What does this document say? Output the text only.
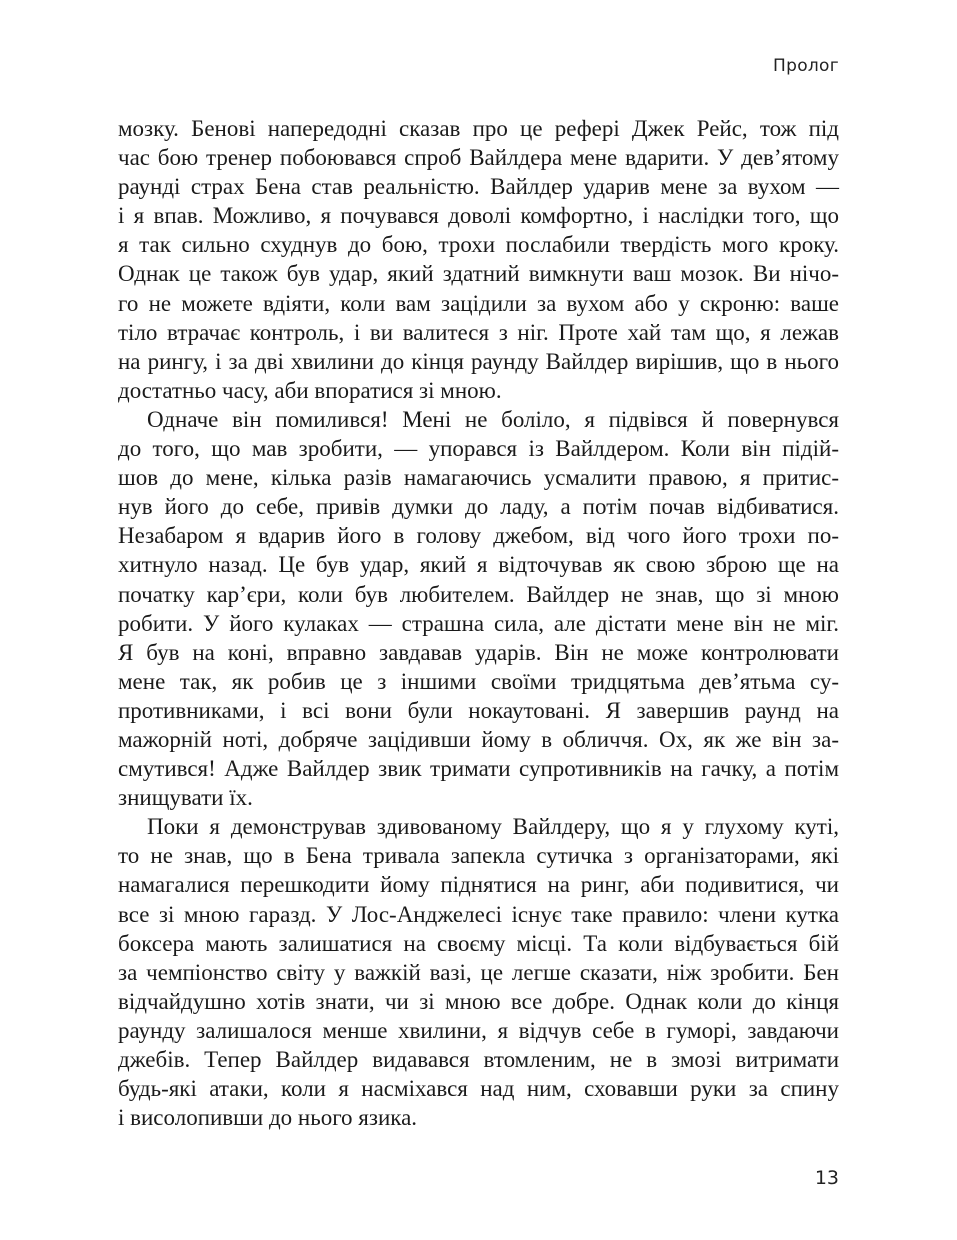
Пролог
мозку. Бенові напередодні сказав про це рефері Джек Рейс, тож під
час бою тренер побоювався спроб Вайлдера мене вдарити. У дев’ятому
раунді страх Бена став реальністю. Вайлдер ударив мене за вухом —
і я впав. Можливо, я почувався доволі комфортно, і наслідки того, що
я так сильно схуднув до бою, трохи послабили твердість мого кроку.
Однак це також був удар, який здатний вимкнути ваш мозок. Ви нічо-
го не можете вдіяти, коли вам зацідили за вухом або у скроню: ваше
тіло втрачає контроль, і ви валитеся з ніг. Проте хай там що, я лежав
на рингу, і за дві хвилини до кінця раунду Вайлдер вирішив, що в нього
достатньо часу, аби впоратися зі мною.
Одначе він помилився! Мені не боліло, я підвівся й повернувся
до того, що мав зробити, — упорався із Вайлдером. Коли він підій-
шов до мене, кілька разів намагаючись усмалити правою, я притис-
нув його до себе, привів думки до ладу, а потім почав відбиватися.
Незабаром я вдарив його в голову джебом, від чого його трохи по-
хитнуло назад. Це був удар, який я відточував як свою зброю ще на
початку кар’єри, коли був любителем. Вайлдер не знав, що зі мною
робити. У його кулаках — страшна сила, але дістати мене він не міг.
Я був на коні, вправно завдавав ударів. Він не може контролювати
мене так, як робив це з іншими своїми тридцятьма дев’ятьма су-
противниками, і всі вони були нокаутовані. Я завершив раунд на
мажорній ноті, добряче зацідивши йому в обличчя. Ох, як же він за-
смутився! Адже Вайлдер звик тримати супротивників на гачку, а потім
знищувати їх.
Поки я демонстрував здивованому Вайлдеру, що я у глухому куті,
то не знав, що в Бена тривала запекла сутичка з організаторами, які
намагалися перешкодити йому піднятися на ринг, аби подивитися, чи
все зі мною гаразд. У Лос-Анджелесі існує таке правило: члени кутка
боксера мають залишатися на своєму місці. Та коли відбувається бій
за чемпіонство світу у важкій вазі, це легше сказати, ніж зробити. Бен
відчайдушно хотів знати, чи зі мною все добре. Однак коли до кінця
раунду залишалося менше хвилини, я відчув себе в гуморі, завдаючи
джебів. Тепер Вайлдер видавався втомленим, не в змозі витримати
будь-які атаки, коли я насміхався над ним, сховавши руки за спину
і висолопивши до нього язика.
13
